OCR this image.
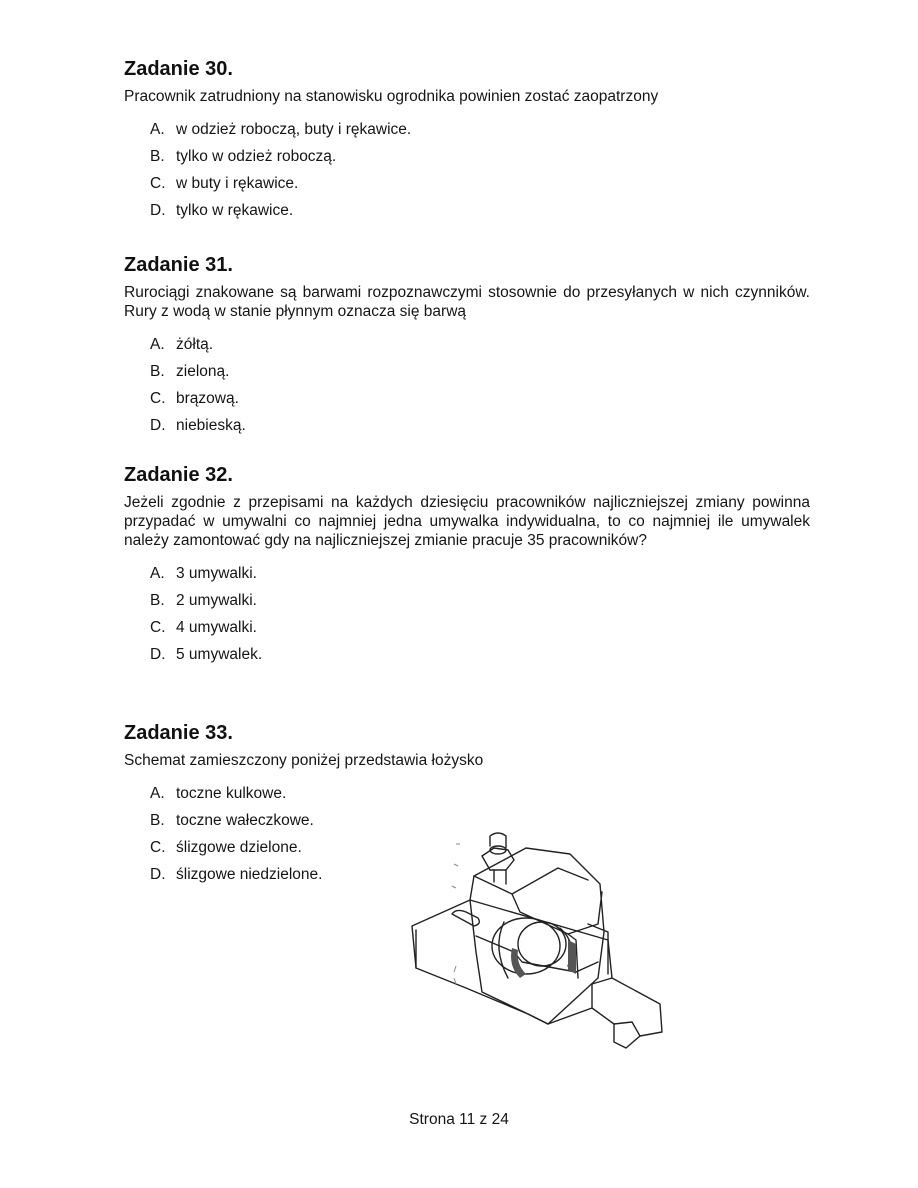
Zadanie 30.

Pracownik zatrudniony na stanowisku ogrodnika powinien zostać zaopatrzony

A. w odzież roboczą, buty i rękawice.
B. tylko w odzież roboczą.
C. w buty i rękawice.
D. tylko w rękawice.
Zadanie 31.

Rurociągi znakowane są barwami rozpoznawczymi stosownie do przesyłanych w nich czynników. Rury z wodą w stanie płynnym oznacza się barwą

A. żółtą.
B. zieloną.
C. brązową.
D. niebieską.
Zadanie 32.

Jeżeli zgodnie z przepisami na każdych dziesięciu pracowników najliczniejszej zmiany powinna przypadać w umywalni co najmniej jedna umywalka indywidualna, to co najmniej ile umywalek należy zamontować gdy na najliczniejszej zmianie pracuje 35 pracowników?

A. 3 umywalki.
B. 2 umywalki.
C. 4 umywalki.
D. 5 umywalek.
Zadanie 33.

Schemat zamieszczony poniżej przedstawia łożysko

A. toczne kulkowe.
B. toczne wałeczkowe.
C. ślizgowe dzielone.
D. ślizgowe niedzielone.
Strona 11 z 24
